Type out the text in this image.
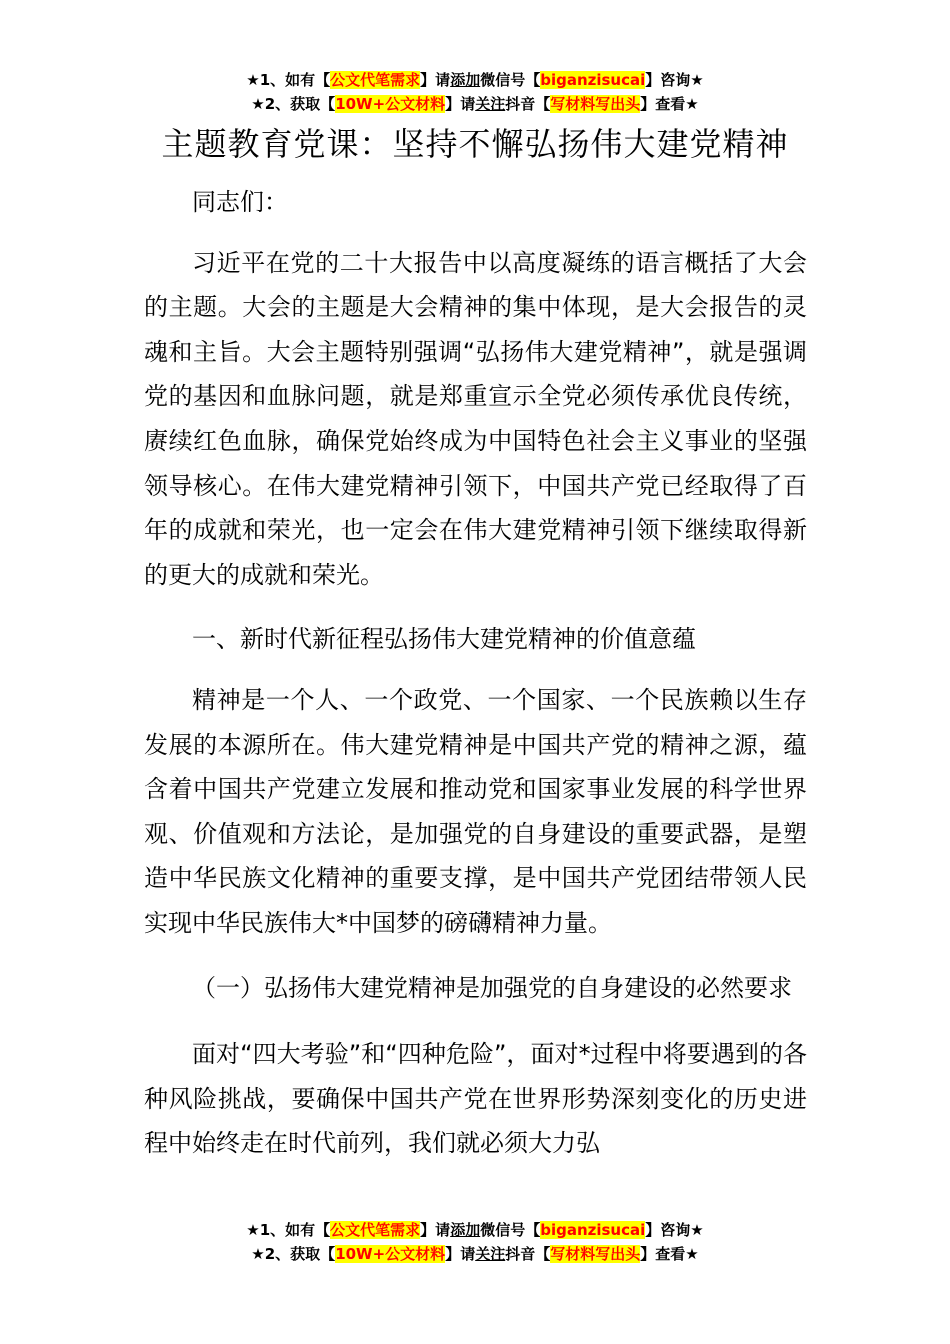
★1、如有【公文代笔需求】请添加微信号【biganzisucai】咨询★
★2、获取【10W+公文材料】请关注抖音【写材料写出头】查看★
主题教育党课：坚持不懈弘扬伟大建党精神

同志们：

习近平在党的二十大报告中以高度凝练的语言概括了大会的主题。大会的主题是大会精神的集中体现，是大会报告的灵魂和主旨。大会主题特别强调“弘扬伟大建党精神”，就是强调党的基因和血脉问题，就是郑重宣示全党必须传承优良传统，赓续红色血脉，确保党始终成为中国特色社会主义事业的坚强领导核心。在伟大建党精神引领下，中国共产党已经取得了百年的成就和荣光，也一定会在伟大建党精神引领下继续取得新的更大的成就和荣光。

一、新时代新征程弘扬伟大建党精神的价值意蕴

精神是一个人、一个政党、一个国家、一个民族赖以生存发展的本源所在。伟大建党精神是中国共产党的精神之源，蕴含着中国共产党建立发展和推动党和国家事业发展的科学世界观、价值观和方法论，是加强党的自身建设的重要武器，是塑造中华民族文化精神的重要支撑，是中国共产党团结带领人民实现中华民族伟大*中国梦的磅礴精神力量。

（一）弘扬伟大建党精神是加强党的自身建设的必然要求

面对“四大考验”和“四种危险”，面对*过程中将要遇到的各种风险挑战，要确保中国共产党在世界形势深刻变化的历史进程中始终走在时代前列，我们就必须大力弘

★1、如有【公文代笔需求】请添加微信号【biganzisucai】咨询★
★2、获取【10W+公文材料】请关注抖音【写材料写出头】查看★
